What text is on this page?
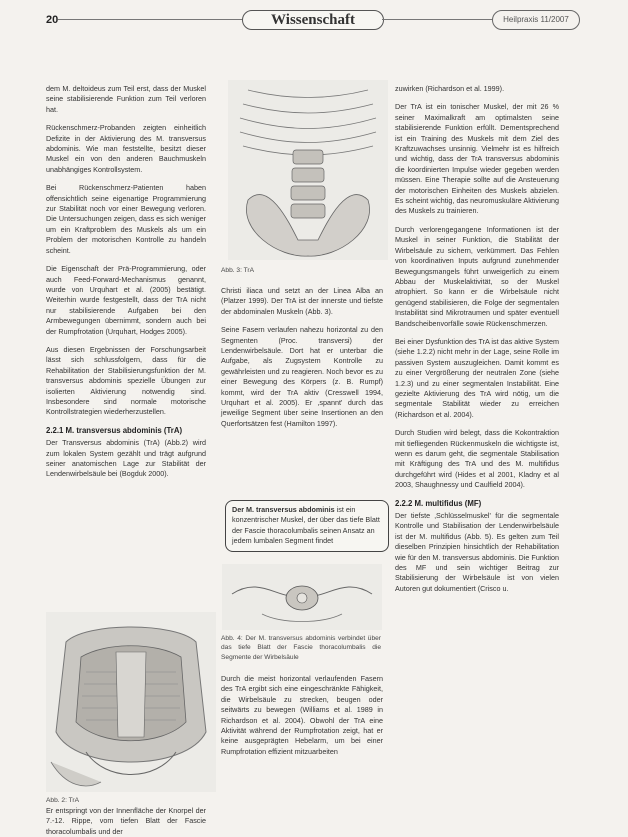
20	Wissenschaft	Heilpraxis 11/2007

dem M. deltoideus zum Teil erst, dass der Muskel seine stabilisierende Funktion zum Teil verloren hat.

Rückenschmerz-Probanden zeigten einheitlich Defizite in der Aktivierung des M. transversus abdominis. Wie man feststellte, besitzt dieser Muskel ein von den anderen Bauchmuskeln unabhängiges Kontrollsystem.

Bei Rückenschmerz-Patienten haben offensichtlich seine eigenartige Programmierung zur Stabilität noch vor einer Bewegung verloren. Die Untersuchungen zeigen, dass es sich weniger um ein Kraftproblem des Muskels als um ein Problem der motorischen Kontrolle zu handeln scheint.

Die Eigenschaft der Prä-Programmierung, oder auch Feed-Forward-Mechanismus genannt, wurde von Urquhart et al. (2005) bestätigt. Weiterhin wurde festgestellt, dass der TrA nicht nur stabilisierende Aufgaben bei den Armbewegungen übernimmt, sondern auch bei der Rumpfrotation (Urquhart, Hodges 2005).

Aus diesen Ergebnissen der Forschungsarbeit lässt sich schlussfolgern, dass für die Rehabilitation der Stabilisierungsfunktion der M. transversus abdominis spezielle Übungen zur isolierten Aktivierung notwendig sind. Insbesondere sind normale motorische Kontrollstrategien wiederherzustellen.

2.2.1 M. transversus abdominis (TrA)

Der Transversus abdominis (TrA) (Abb.2) wird zum lokalen System gezählt und trägt aufgrund seiner anatomischen Lage zur Stabilität der Lendenwirbelsäule bei (Bogduk 2000).

Abb. 2: TrA
Er entspringt von der Innenfläche der Knorpel der 7.-12. Rippe, vom tiefen Blatt der Fascie thoracolumbalis und der
Abb. 3: TrA

Christi iliaca und setzt an der Linea Alba an (Platzer 1999). Der TrA ist der innerste und tiefste der abdominalen Muskeln (Abb. 3).

Seine Fasern verlaufen nahezu horizontal zu den Segmenten (Proc. transversi) der Lendenwirbelsäule. Dort hat er unterbar die Aufgabe, als Zugsystem Kontrolle zu gewährleisten und zu reagieren. Noch bevor es zu einer Bewegung des Körpers (z. B. Rumpf) kommt, wird der TrA aktiv (Cresswell 1994, Urquhart et al. 2005). Er ‚spannt' durch das jeweilige Segment über seine Insertionen an den Querfortsätzen fest (Hamilton 1997).

Der M. transversus abdominis ist ein konzentrischer Muskel, der über das tiefe Blatt der Fascie thoracolumbalis seinen Ansatz an jedem lumbalen Segment findet
Abb. 4: Der M. transversus abdominis verbindet über das tiefe Blatt der Fascie thoracolumbalis die Segmente der Wirbelsäule

Durch die meist horizontal verlaufenden Fasern des TrA ergibt sich eine eingeschränkte Fähigkeit, die Wirbelsäule zu strecken, beugen oder seitwärts zu bewegen (Williams et al. 1989 in Richardson et al. 2004). Obwohl der TrA eine Aktivität während der Rumpfrotation zeigt, hat er keine ausgeprägten Hebelarm, um bei einer Rumpfrotation effizient mitzuarbeiten

zuwirken (Richardson et al. 1999).

Der TrA ist ein tonischer Muskel, der mit 26 % seiner Maximalkraft am optimalsten seine stabilisierende Funktion erfüllt. Dementsprechend ist ein Training des Muskels mit dem Ziel des Kraftzuwachses unsinnig. Vielmehr ist es hilfreich und wichtig, dass der TrA transversus abdominis die koordinierten Impulse wieder gegeben werden müssen. Eine Therapie sollte auf die Ansteuerung der motorischen Einheiten des Muskels abzielen. Es scheint wichtig, das neuromuskuläre Aktivierung des Muskels zu trainieren.

Durch verlorengegangene Informationen ist der Muskel in seiner Funktion, die Stabilität der Wirbelsäule zu sichern, verkümmert. Das Fehlen von koordinativen Inputs aufgrund zunehmender Bewegungsmangels führt unweigerlich zu einem Abbau der Muskelaktivität, so der Muskel atrophiert. So kann er die Wirbelsäule nicht genügend stabilisieren, die Folge der segmentalen Instabilität sind Mikrotraumen und später eventuell Bandscheibenvorfälle sowie Rückenschmerzen.

Bei einer Dysfunktion des TrA ist das aktive System (siehe 1.2.2) nicht mehr in der Lage, seine Rolle im passiven System auszugleichen. Damit kommt es zu einer Vergrößerung der neutralen Zone (siehe 1.2.3) und zu einer segmentalen Instabilität. Eine gezielte Aktivierung des TrA wird nötig, um die segmentale Stabilität wieder zu erreichen (Richardson et al. 2004).

Durch Studien wird belegt, dass die Kokontraktion mit tiefliegenden Rückenmuskeln die wichtigste ist, wenn es darum geht, die segmentale Stabilisation mit Kräftigung des TrA und des M. multifidus durchgeführt wird (Hides et al 2001, Kladny et al 2003, Shaughnessy und Caulfield 2004).

2.2.2 M. multifidus (MF)

Der tiefste ‚Schlüsselmuskel' für die segmentale Kontrolle und Stabilisation der Lendenwirbelsäule ist der M. multifidus (Abb. 5). Es gelten zum Teil dieselben Prinzipien hinsichtlich der Rehabilitation wie für den M. transversus abdominis. Die Funktion des MF und sein wichtiger Beitrag zur Stabilisierung der Wirbelsäule ist von vielen Autoren gut dokumentiert (Crisco u.
